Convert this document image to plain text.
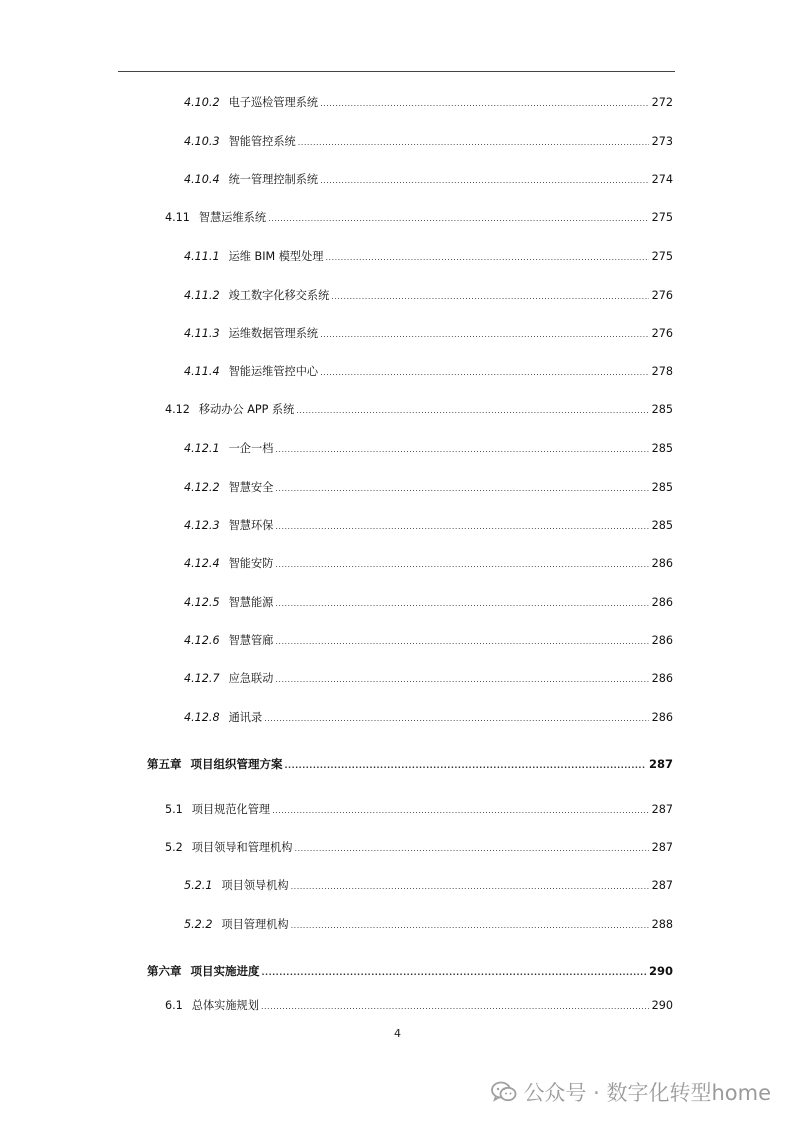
4.10.2 电子巡检管理系统 .....	272
4.10.3 智能管控系统 .....	273
4.10.4 统一管理控制系统 .....	274
4.11 智慧运维系统 .....	275
4.11.1 运维 BIM 模型处理 .....	275
4.11.2 竣工数字化移交系统 .....	276
4.11.3 运维数据管理系统 .....	276
4.11.4 智能运维管控中心 .....	278
4.12 移动办公 APP 系统 .....	285
4.12.1 一企一档 .....	285
4.12.2 智慧安全 .....	285
4.12.3 智慧环保 .....	285
4.12.4 智能安防 .....	286
4.12.5 智慧能源 .....	286
4.12.6 智慧管廊 .....	286
4.12.7 应急联动 .....	286
4.12.8 通讯录 .....	286
第五章 项目组织管理方案 .....	287
5.1 项目规范化管理 .....	287
5.2 项目领导和管理机构 .....	287
5.2.1 项目领导机构 .....	287
5.2.2 项目管理机构 .....	288
第六章 项目实施进度 .....	290
6.1 总体实施规划 .....	290
4
公众号 · 数字化转型home
